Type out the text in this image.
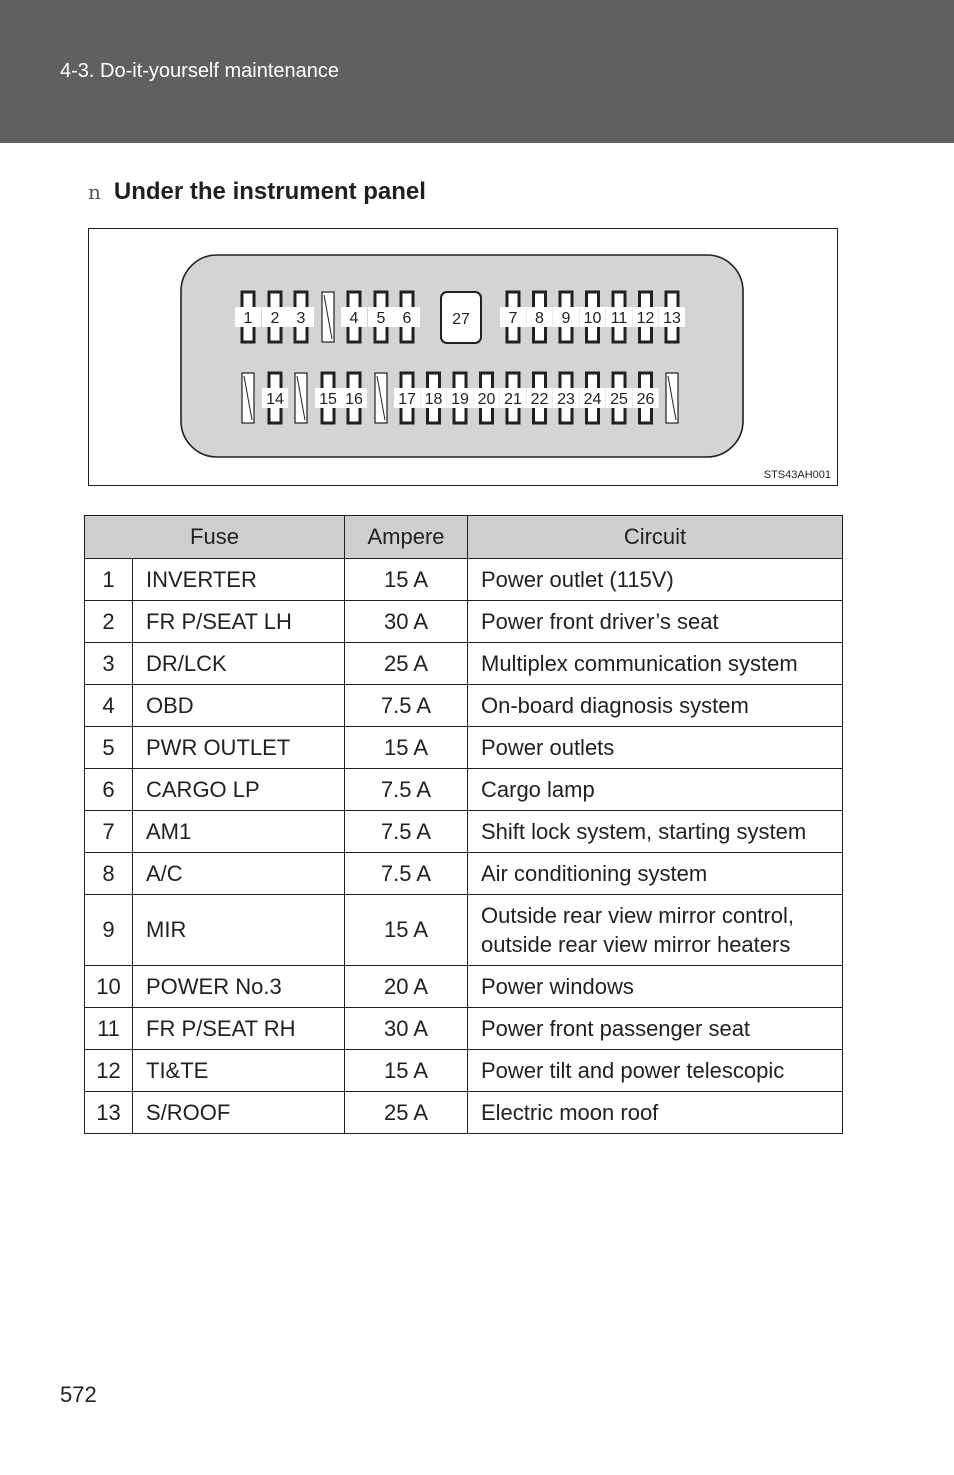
4-3. Do-it-yourself maintenance
n Under the instrument panel
1 2 3	4 5 6	27 7 8 9 10 11 12 13
14 15 16 17 18 19 20 21 22 23 24 25 26
STS43AH001
Fuse		Ampere	Circuit
1	INVERTER	15 A	Power outlet (115V)
2	FR P/SEAT LH	30 A	Power front driver’s seat
3	DR/LCK	25 A	Multiplex communication system
4	OBD	7.5 A	On-board diagnosis system
5	PWR OUTLET	15 A	Power outlets
6	CARGO LP	7.5 A	Cargo lamp
7	AM1	7.5 A	Shift lock system, starting system
8	A/C	7.5 A	Air conditioning system
9	MIR	15 A	Outside rear view mirror control,
outside rear view mirror heaters

10	POWER No.3	20 A	Power windows
11	FR P/SEAT RH	30 A	Power front passenger seat
12	TI&TE	15 A	Power tilt and power telescopic
13	S/ROOF	25 A	Electric moon roof
572
